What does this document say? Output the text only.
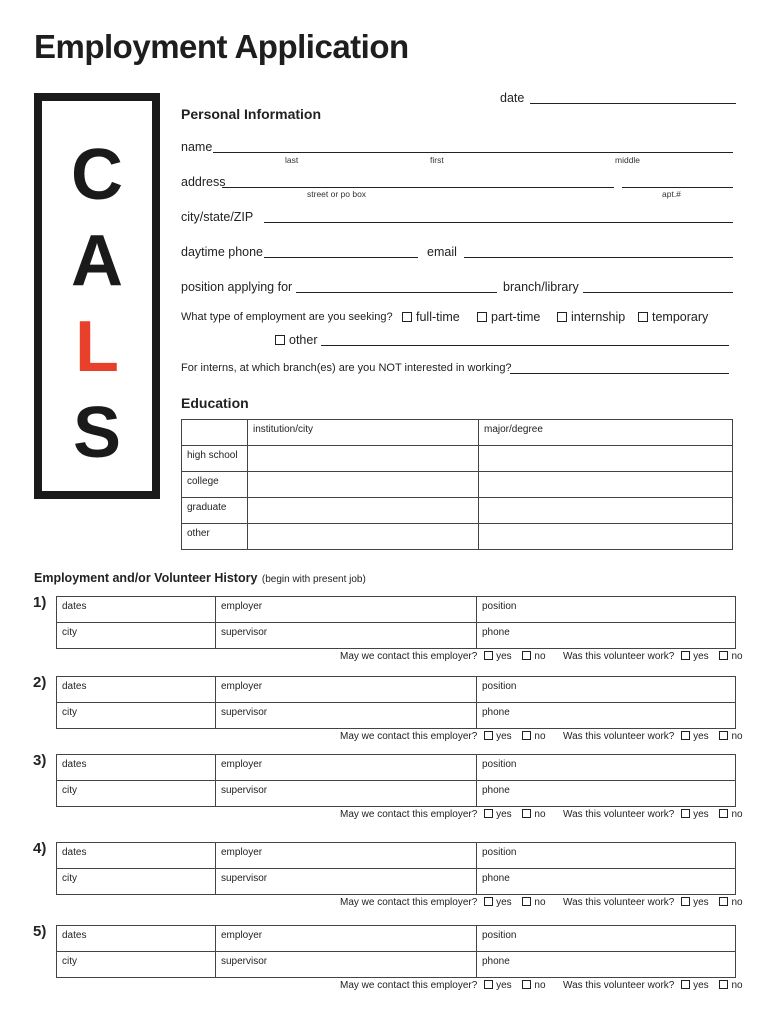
Employment Application
C
A
L
S
date
Personal Information
name
last	first	middle
address
street or po box	apt.#
city/state/ZIP
daytime phone	email
position applying for	branch/library
What type of employment are you seeking?	full-time	part-time	internship	temporary
other
For interns, at which branch(es) are you NOT interested in working?
Education
	institution/city	major/degree
high school		
college		
graduate		
other		
Employment and/or Volunteer History (begin with present job)
1) dates	employer	position
city	supervisor	phone
May we contact this employer? yes no Was this volunteer work? yes no
2) dates	employer	position
city	supervisor	phone
May we contact this employer? yes no Was this volunteer work? yes no
3) dates	employer	position
city	supervisor	phone
May we contact this employer? yes no Was this volunteer work? yes no
4) dates	employer	position
city	supervisor	phone
May we contact this employer? yes no Was this volunteer work? yes no
5) dates	employer	position
city	supervisor	phone
May we contact this employer? yes no Was this volunteer work? yes no
